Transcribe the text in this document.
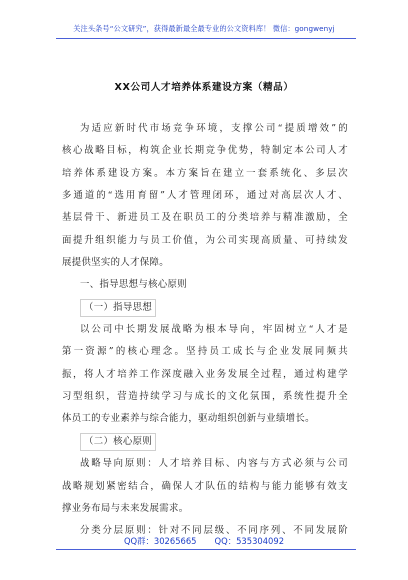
关注头条号“公文研究”，获得最新最全最专业的公文资料库！ 微信：gongwenyj
XX公司人才培养体系建设方案（精品）
为适应新时代市场竞争环境，支撑公司“提质增效”的
核心战略目标，构筑企业长期竞争优势，特制定本公司人才
培养体系建设方案。本方案旨在建立一套系统化、多层次
多通道的“选用育留”人才管理闭环，通过对高层次人才、
基层骨干、新进员工及在职员工的分类培养与精准激励，全
面提升组织能力与员工价值，为公司实现高质量、可持续发
展提供坚实的人才保障。
一、指导思想与核心原则
（一）指导思想
以公司中长期发展战略为根本导向，牢固树立“人才是
第一资源”的核心理念。坚持员工成长与企业发展同频共
振，将人才培养工作深度融入业务发展全过程，通过构建学
习型组织，营造持续学习与成长的文化氛围，系统性提升全
体员工的专业素养与综合能力，驱动组织创新与业绩增长。
（二）核心原则
战略导向原则：人才培养目标、内容与方式必须与公司
战略规划紧密结合，确保人才队伍的结构与能力能够有效支
撑业务布局与未来发展需求。
分类分层原则：针对不同层级、不同序列、不同发展阶
QQ群：30265665 QQ：535304092
